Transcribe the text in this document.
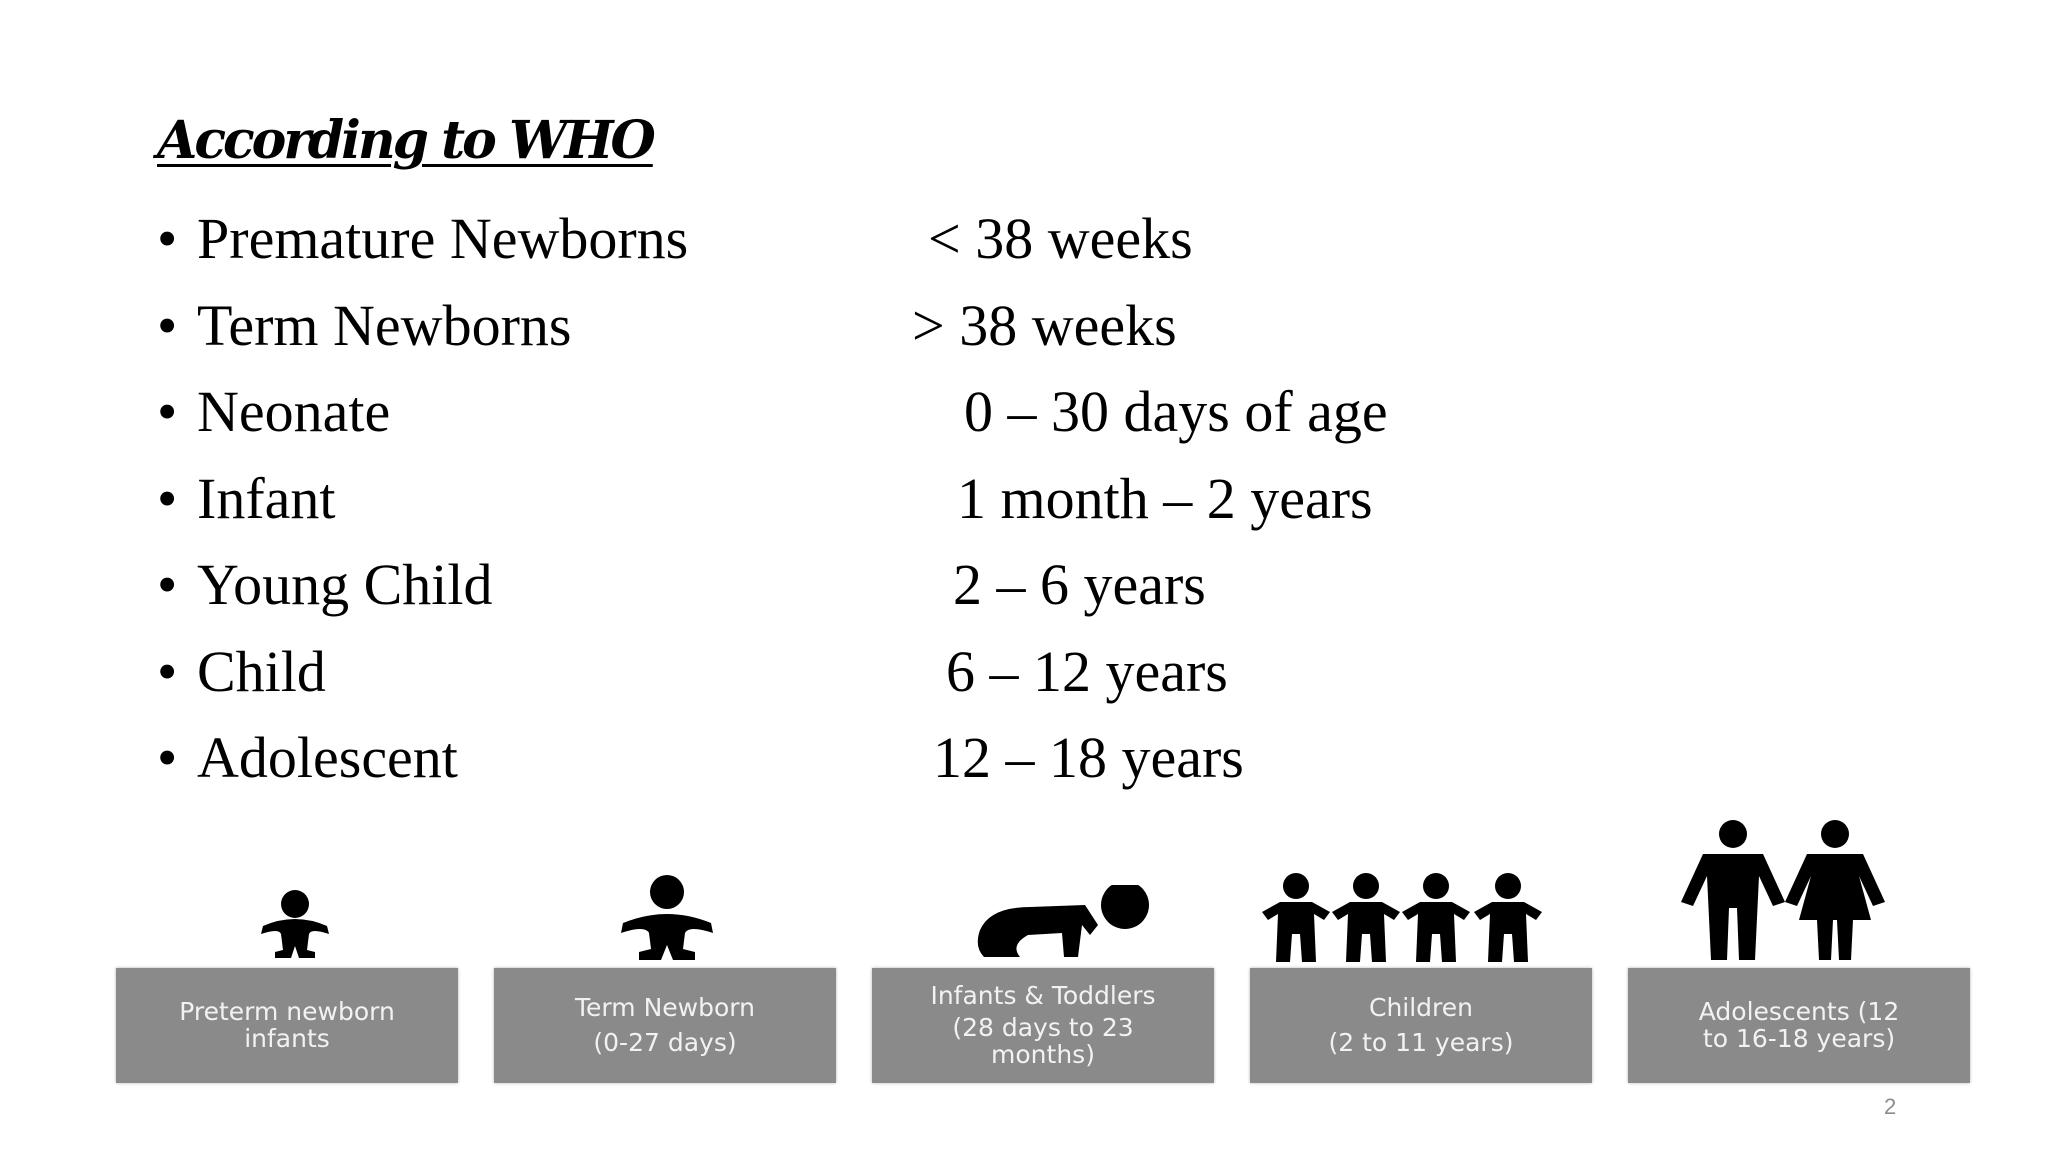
According to WHO
• Premature Newborns	< 38 weeks
• Term Newborns	> 38 weeks
• Neonate	0 – 30 days of age
• Infant	1 month – 2 years
• Young Child	2 – 6 years
• Child	6 – 12 years
• Adolescent	12 – 18 years
Preterm newborn
infants
Term Newborn
(0-27 days)
Infants & Toddlers
(28 days to 23
months)
Children
(2 to 11 years)
Adolescents (12
to 16-18 years)
2
